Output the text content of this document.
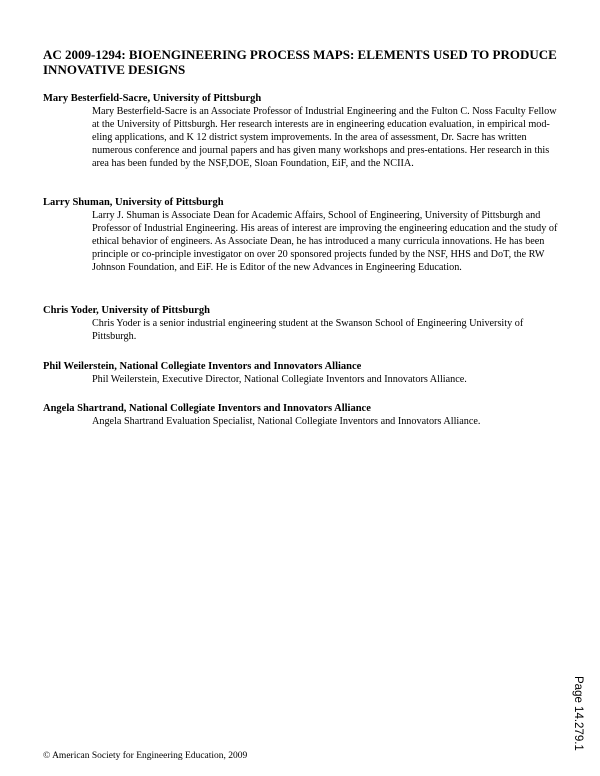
AC 2009-1294: BIOENGINEERING PROCESS MAPS: ELEMENTS USED TO PRODUCE INNOVATIVE DESIGNS
Mary Besterfield-Sacre, University of Pittsburgh

Mary Besterfield-Sacre is an Associate Professor of Industrial Engineering and the Fulton C. Noss Faculty Fellow at the University of Pittsburgh. Her research interests are in engineering education evaluation, in empirical mod-eling applications, and K 12 district system improvements. In the area of assessment, Dr. Sacre has written numerous conference and journal papers and has given many workshops and pres-entations. Her research in this area has been funded by the NSF,DOE, Sloan Foundation, EiF, and the NCIIA.

Larry Shuman, University of Pittsburgh

Larry J. Shuman is Associate Dean for Academic Affairs, School of Engineering, University of Pittsburgh and Professor of Industrial Engineering. His areas of interest are improving the engineering education and the study of ethical behavior of engineers. As Associate Dean, he has introduced a many curricula innovations. He has been principle or co-principle investigator on over 20 sponsored projects funded by the NSF, HHS and DoT, the RW Johnson Foundation, and EiF. He is Editor of the new Advances in Engineering Education.

Chris Yoder, University of Pittsburgh

Chris Yoder is a senior industrial engineering student at the Swanson School of Engineering University of Pittsburgh.

Phil Weilerstein, National Collegiate Inventors and Innovators Alliance

Phil Weilerstein, Executive Director, National Collegiate Inventors and Innovators Alliance.

Angela Shartrand, National Collegiate Inventors and Innovators Alliance

Angela Shartrand Evaluation Specialist, National Collegiate Inventors and Innovators Alliance.

Page 14.279.1
© American Society for Engineering Education, 2009
